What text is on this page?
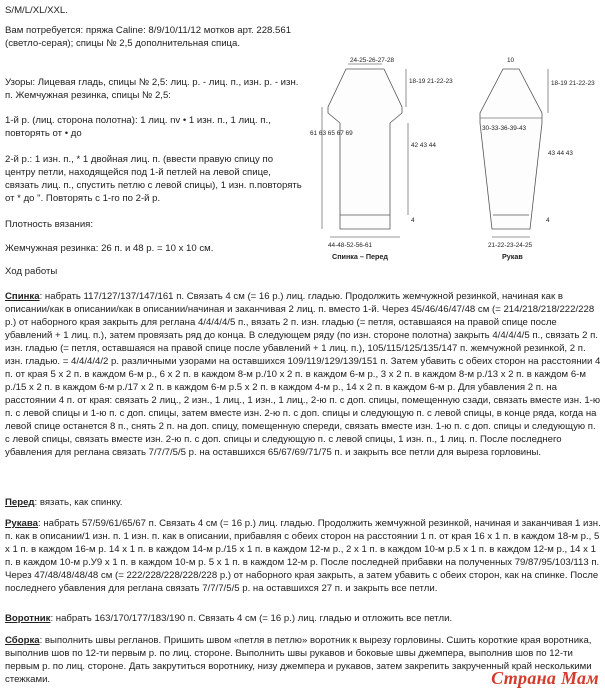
S/M/L/XL/XXL.

Вам потребуется: пряжа Caline: 8/9/10/11/12 мотков арт. 228.561 (светло-серая); спицы № 2,5 дополнительная спица.

Узоры: Лицевая гладь, спицы № 2,5: лиц. р. - лиц. п., изн. р. - изн. п. Жемчужная резинка, спицы № 2,5:

1-й р. (лиц. сторона полотна): 1 лиц. nv • 1 изн. п., 1 лиц. п., повторять от • до

2-й р.: 1 изн. п., * 1 двойная лиц. п. (ввести правую спицу по центру петли, находящейся под 1-й петлей на левой спице, связать лиц. п., спустить петлю с левой спицы), 1 изн. п.повторять от * до ". Повторять с 1-го по 2-й р.

Плотность вязания:

Жемчужная резинка: 26 п. и 48 р. = 10 х 10 см.

Ход работы

Спинка: набрать 117/127/137/147/161 п. Связать 4 см (= 16 р.) лиц. гладью. Продолжить жемчужной резинкой, начиная как в описании/как в описании/как в описании/начиная и заканчивая 2 лиц. п. вместо 1-й. Через 45/46/46/47/48 см (= 214/218/218/222/228 р.) от наборного края закрыть для реглана 4/4/4/4/5 п., вязать 2 п. изн. гладью (= петля, оставшаяся на правой спице после убавлений + 1 лиц. п.), затем провязать ряд до конца. В следующем ряду (по изн. стороне полотна) закрыть 4/4/4/4/5 п., связать 2 п. изн. гладью (= петля, оставшаяся на правой спице после убавлений + 1 лиц. п.), 105/115/125/135/147 п. жемчужной резинкой, 2 п. изн. гладью. = 4/4/4/4/2 р. различными узорами на оставшихся 109/119/129/139/151 п. Затем убавить с обеих сторон на расстоянии 4 п. от края 5 х 2 п. в каждом 6-м р., 6 х 2 п. в каждом 8-м р./10 х 2 п. в каждом 6-м р., 3 х 2 п. в каждом 8-м р./13 х 2 п. в каждом 6-м р./15 х 2 п. в каждом 6-м р./17 х 2 п. в каждом 6-м р.5 х 2 п. в каждом 4-м р., 14 х 2 п. в каждом 6-м р. Для убавления 2 п. на расстоянии 4 п. от края: связать 2 лиц., 2 изн., 1 лиц., 1 изн., 1 лиц., 2-ю п. с доп. спицы, помещенную сзади, связать вместе изн. 1-ю п. с левой спицы и 1-ю п. с доп. спицы, затем вместе изн. 2-ю п. с доп. спицы и следующую п. с левой спицы, в конце ряда, когда на левой спице останется 8 п., снять 2 п. на доп. спицу, помещенную спереди, связать вместе изн. 1-ю п. с доп. спицы и следующую п. с левой спицы, связать вместе изн. 2-ю п. с доп. спицы и следующую п. с левой спицы, 1 изн. п., 1 лиц. п. После последнего убавления для реглана связать 7/7/7/5/5 р. на оставшихся 65/67/69/71/75 п. и закрыть все петли для выреза горловины.

Перед: вязать, как спинку.

Рукава: набрать 57/59/61/65/67 п. Связать 4 см (= 16 р.) лиц. гладью. Продолжить жемчужной резинкой, начиная и заканчивая 1 изн. п. как в описании/1 изн. п. 1 изн. п. как в описании, прибавляя с обеих сторон на расстоянии 1 п. от края 16 х 1 п. в каждом 18-м р., 5 х 1 п. в каждом 16-м р. 14 х 1 п. в каждом 14-м р./15 х 1 п. в каждом 12-м р., 2 х 1 п. в каждом 10-м р.5 х 1 п. в каждом 12-м р., 14 х 1 п. в каждом 10-м р.У9 х 1 п. в каждом 10-м р. 5 х 1 п. в каждом 12-м р. После последней прибавки на полученных 79/87/95/103/113 п. Через 47/48/48/48/48 см (= 222/228/228/228/228 р.) от наборного края закрыть, а затем убавить с обеих сторон, как на спинке. После последнего убавления для реглана связать 7/7/7/5/5 р. на оставшихся 27 п. и закрыть все петли.

Воротник: набрать 163/170/177/183/190 п. Связать 4 см (= 16 р.) лиц. гладью и отложить все петли.

Сборка: выполнить швы регланов. Пришить швом «петля в петлю» воротник к вырезу горловины. Сшить короткие края воротника, выполнив шов по 12-ти первым р. по лиц. стороне. Выполнить швы рукавов и боковые швы джемпера, выполнив шов по 12-ти первым р. по лиц. стороне. Дать закрутиться воротнику, низу джемпера и рукавов, затем закрепить закрученный край несколькими стежками.

24-25-26-27-28
18-19 21-22-23
61 63 65 67 69
42 43 44
4
44-48-52-56-61
Спинка – Перед
10
18-19 21-22-23
30-33-36-39-43
43 44 43
4
21-22-23-24-25
Рукав
Страна Мам
